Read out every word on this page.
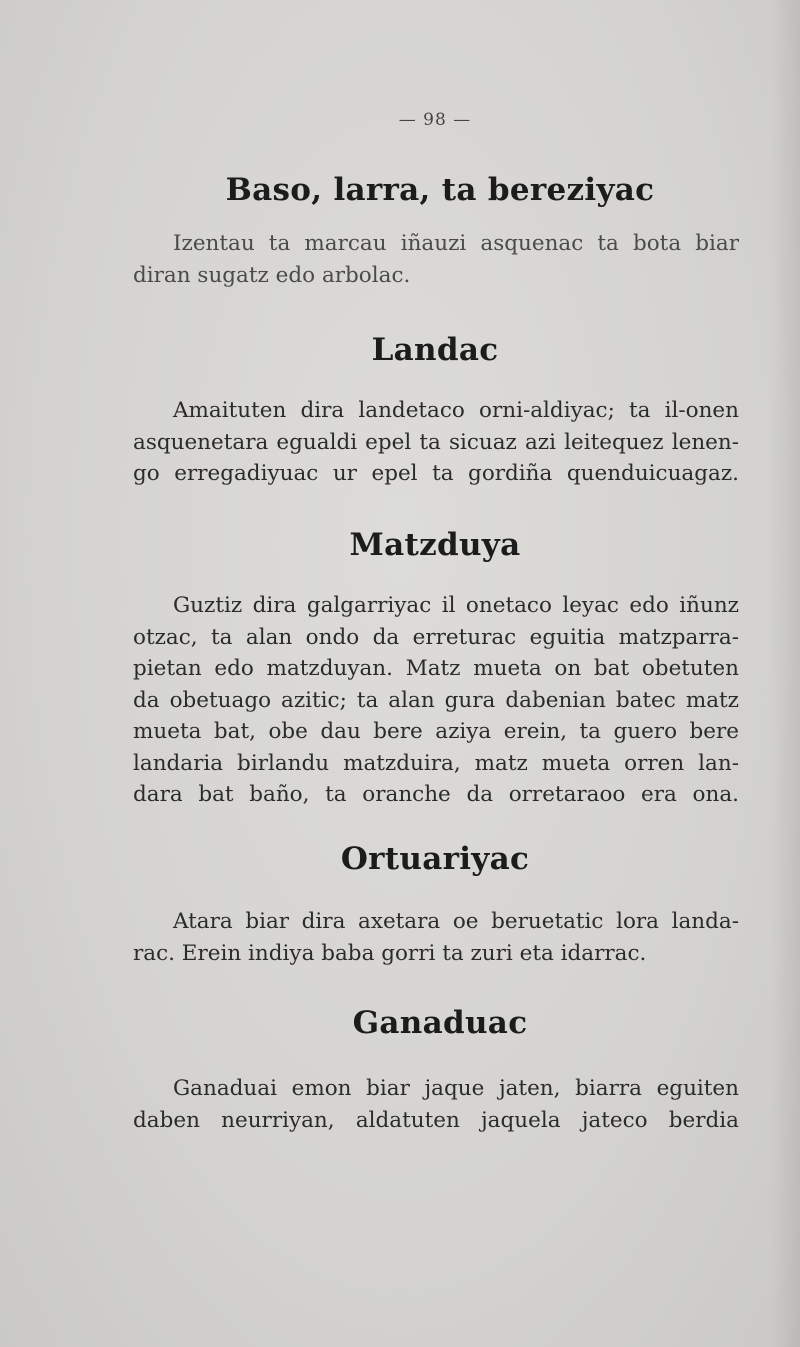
— 98 —
Baso, larra, ta bereziyac
Izentau ta marcau iñauzi asquenac ta bota biar
diran sugatz edo arbolac.
Landac
Amaituten dira landetaco orni-aldiyac; ta il-onen
asquenetara egualdi epel ta sicuaz azi leitequez lenen-
go erregadiyuac ur epel ta gordiña quenduicuagaz.
Matzduya
Guztiz dira galgarriyac il onetaco leyac edo iñunz
otzac, ta alan ondo da erreturac eguitia matzparra-
pietan edo matzduyan. Matz mueta on bat obetuten
da obetuago azitic; ta alan gura dabenian batec matz
mueta bat, obe dau bere aziya erein, ta guero bere
landaria birlandu matzduira, matz mueta orren lan-
dara bat baño, ta oranche da orretaraoo era ona.
Ortuariyac
Atara biar dira axetara oe beruetatic lora landa-
rac. Erein indiya baba gorri ta zuri eta idarrac.
Ganaduac
Ganaduai emon biar jaque jaten, biarra eguiten
daben neurriyan, aldatuten jaquela jateco berdia
